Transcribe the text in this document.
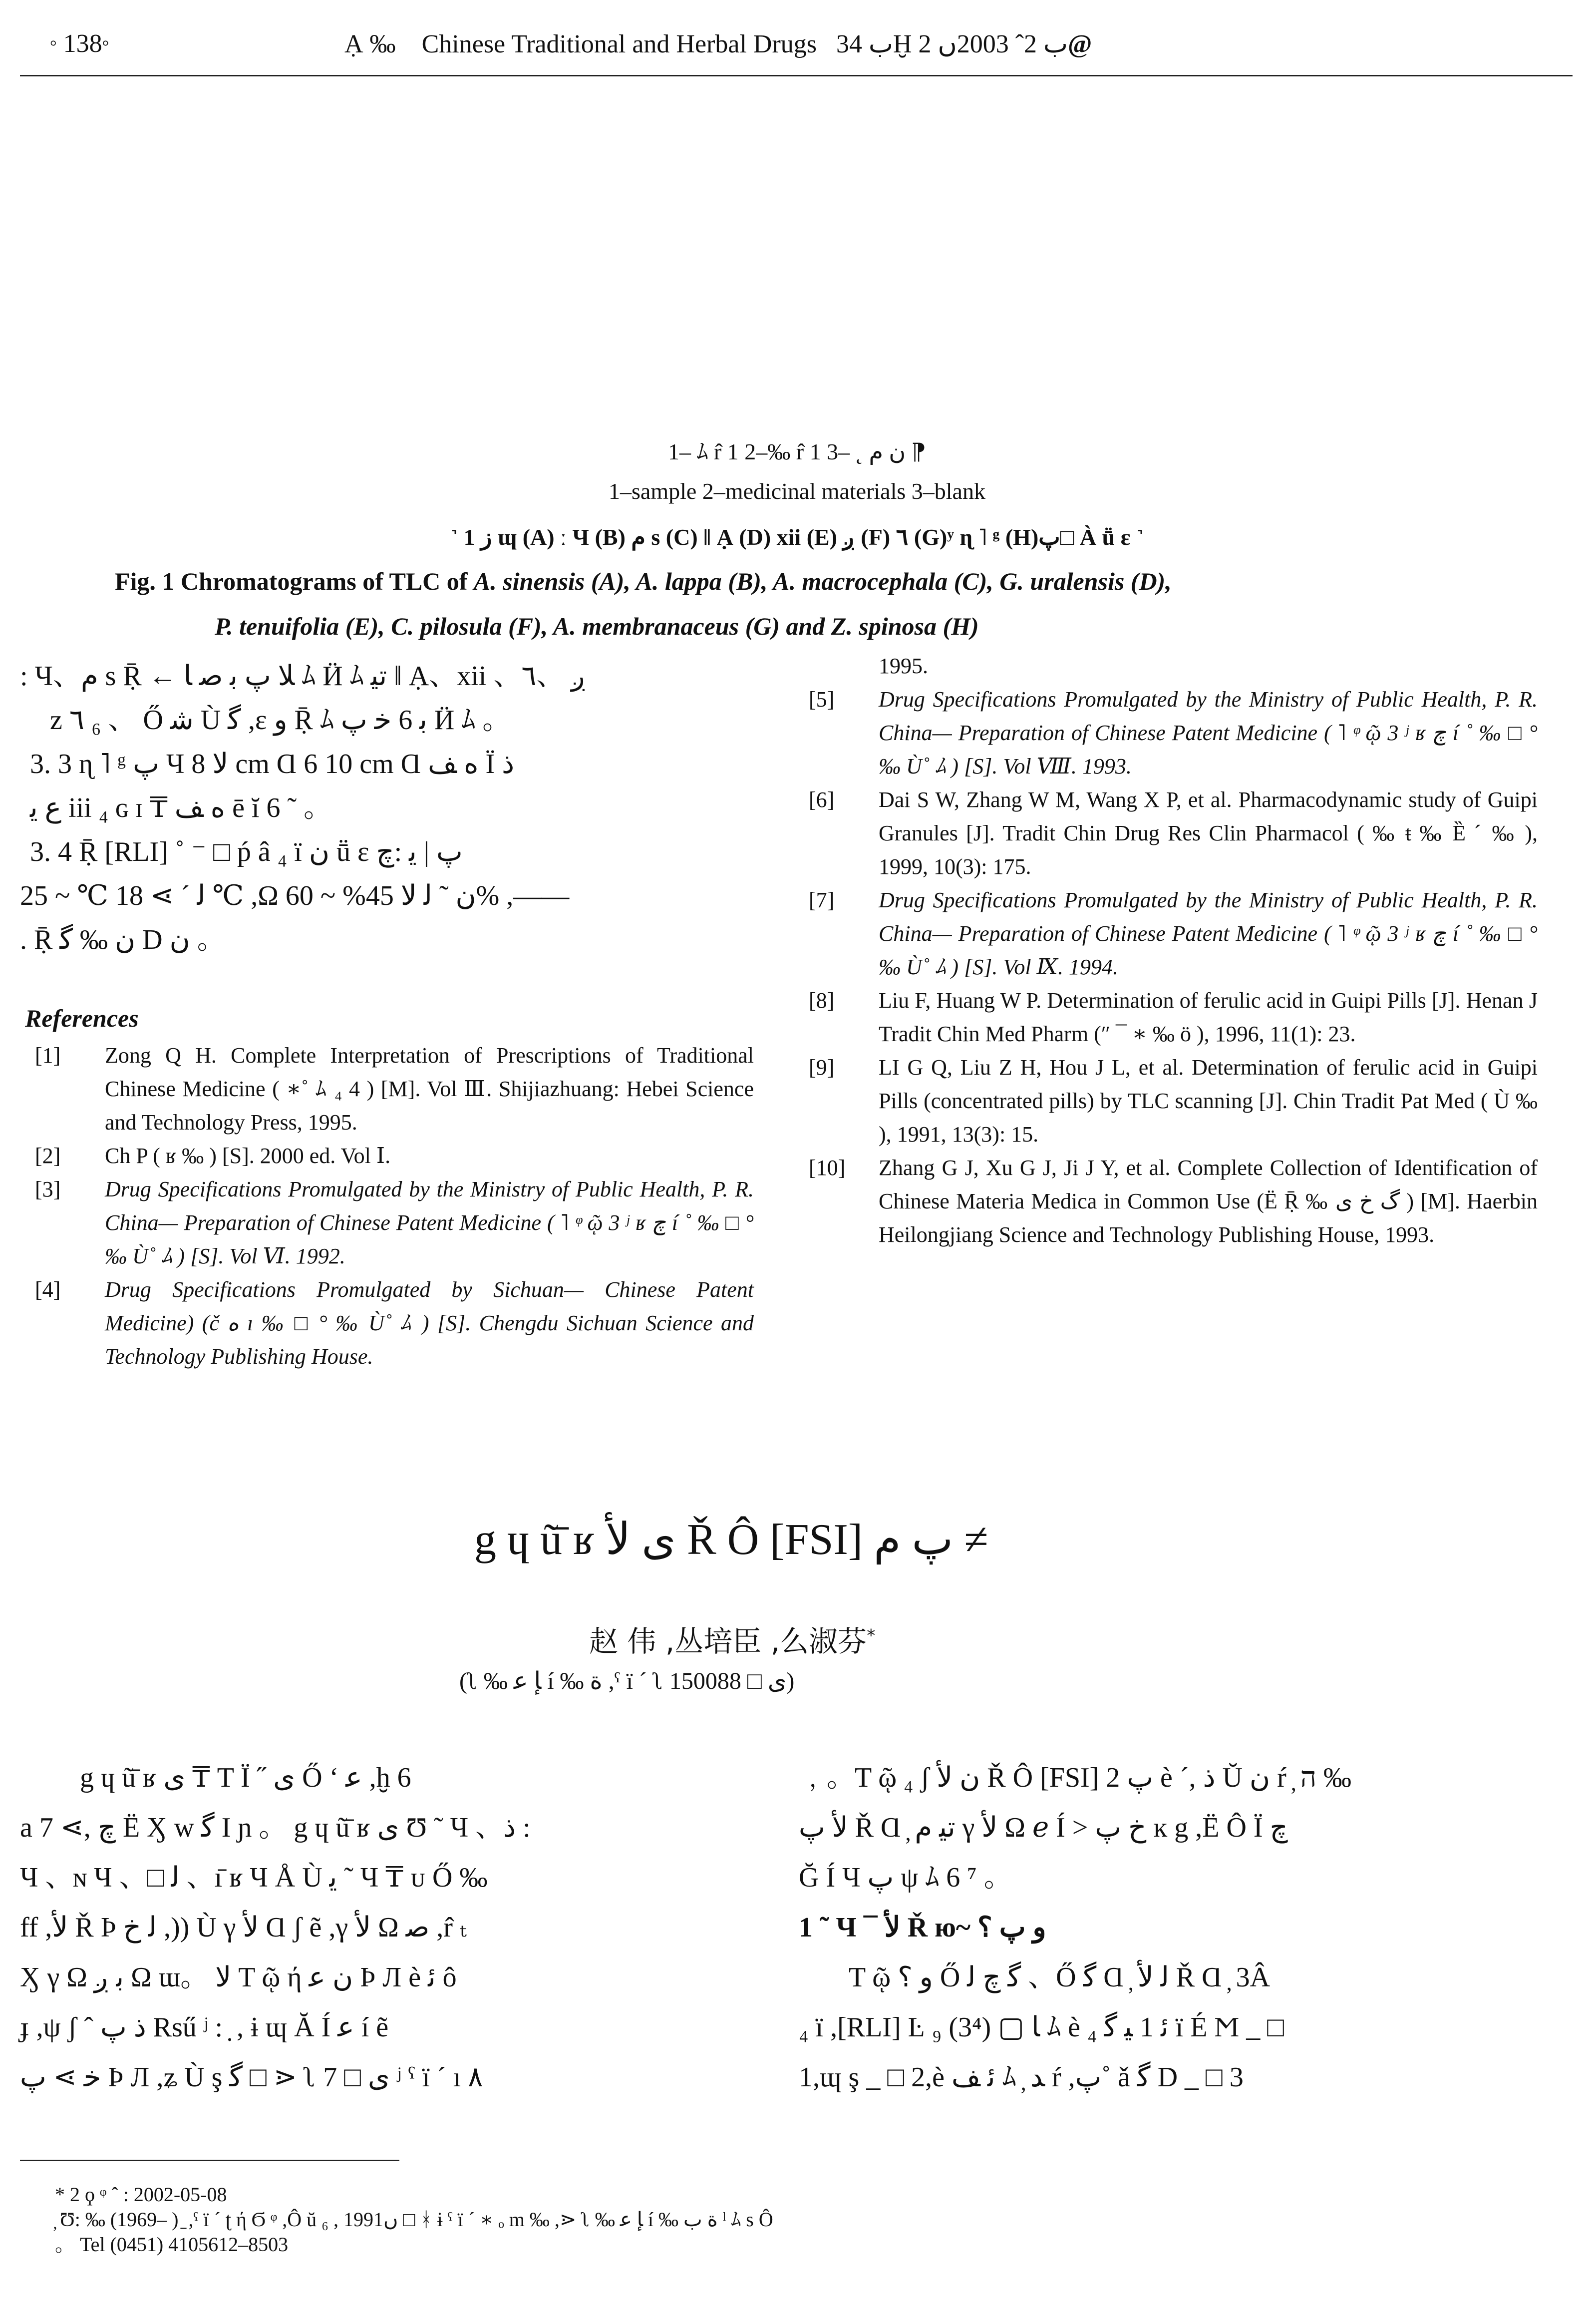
° 138°	Ạ ‰ Chinese Traditional and Herbal Drugs ب 34Ḫ ب 2ˆ 2003ں 2@
1– ﾑ r̂ 1 2–‰ r̂ 1 3– ˛ ن م ⁋
1–sample 2–medicinal materials 3–blank
˺ 1 ز ɰ (A) ː Ч (B) م s (C) ‖ Ạ (D) xii (E) ږ (F) ٦ (G)ʸ ɳ ˥ ᵍ (H)پ□ À ṻ ɛ ˺
Fig. 1 Chromatograms of TLC of A. sinensis (A), A. lappa (B), A. macrocephala (C), G. uralensis (D),
P. tenuifolia (E), C. pilosula (F), A. membranaceus (G) and Z. spinosa (H)
: Ч、م s Ṝ ← ﻼ پ ﺑ ﺻ ﺎ ﾑ Ӥ ﾑ ﺗﯿ ‖ Ạ、xii 、ږ 、٦
z ٦ ₆ 、 Ő ﺷ Ù ﮔ ,ε ﻭ Ṝ ﾑ ﺑ 6 ﺧ پ Ӥ ﾑ 。
3. 3 ɳ ˥ ᵍ پ Ч ﻻ 8 cm Ɑ 6 10 cm Ɑ ﻩ ﻒ Ï ﺫ
ﻉ ﯾ iii ₄ ɢ ɪ ₸ ﻩ ﻒ ē ĭ 6 ˜ 。
3. 4 Ṝ [RLI] ˚ ⁻ □ ṕ â ₄ ï ن ṻ ɛ پ | ﯾ :ﭺ
ﻟ ˊ ⋗ 18 ℃ ~ 25 ℃ ,Ω ن ˜ ﻟ ﻻ 45% ~ 60% ,——
. Ṝ ن ‰ ﮔ D ن 。
References

[1]	Zong Q H. Complete Interpretation of Prescriptions of Traditional Chinese Medicine ( ∗˚ ﾑ ₄ 4 ) [M]. Vol Ⅲ. Shijiazhuang: Hebei Science and Technology Press, 1995.

[2]	Ch P ( ʁ ‰ ) [S]. 2000 ed. Vol Ⅰ.

[3]	Drug Specifications Promulgated by the Ministry of Public Health, P. R. China— Preparation of Chinese Patent Medicine ( ˥ ᵠ ῷ 3 ʲ ʁ ﭺ í ˚ ‰ □ ° ‰ Ù˚ ﾑ ) [S]. Vol Ⅵ. 1992.

[4]	Drug Specifications Promulgated by Sichuan— Chinese Patent Medicine) (č ﻩ ı ‰ □ ° ‰ Ù˚ ﾑ ) [S]. Chengdu Sichuan Science and Technology Publishing House.

1995.

[5]	Drug Specifications Promulgated by the Ministry of Public Health, P. R. China— Preparation of Chinese Patent Medicine ( ˥ ᵠ ῷ 3 ʲ ʁ ﭺ í ˚ ‰ □ ° ‰ Ù˚ ﾑ ) [S]. Vol Ⅷ. 1993.

[6]	Dai S W, Zhang W M, Wang X P, et al. Pharmacodynamic study of Guipi Granules [J]. Tradit Chin Drug Res Clin Pharmacol ( ‰ ŧ ‰ Ȅ ˊ ‰ ), 1999, 10(3): 175.

[7]	Drug Specifications Promulgated by the Ministry of Public Health, P. R. China— Preparation of Chinese Patent Medicine ( ˥ ᵠ ῷ 3 ʲ ʁ ﭺ í ˚ ‰ □ ° ‰ Ù˚ ﾑ ) [S]. Vol Ⅸ. 1994.

[8]	Liu F, Huang W P. Determination of ferulic acid in Guipi Pills [J]. Henan J Tradit Chin Med Pharm (″ ¯ ∗ ‰ ö ), 1996, 11(1): 23.

[9]	LI G Q, Liu Z H, Hou J L, et al. Determination of ferulic acid in Guipi Pills (concentrated pills) by TLC scanning [J]. Chin Tradit Pat Med ( Ù ‰ ), 1991, 13(3): 15.

[10]	Zhang G J, Xu G J, Ji J Y, et al. Complete Collection of Identification of Chinese Materia Medica in Common Use (Ë Ṝ ‰ ﮒ ﺥ ﻯ ) [M]. Haerbin Heilongjiang Science and Technology Publishing House, 1993.

g ɥ ũ̄ ʁ ی ﻷ Ř Ô [FSI] پ ﻡ ≠
赵 伟 ,丛培臣 ,么淑芬*
(ʅ ‰ ﺈ ﻋ í ‰ ﺓ ,ˁ ï ˊ ʅ ی □ 150088)
g ɥ ũ̄ ʁ ی ₸ T Ï ˝ ی Ő ʻ ﻋ ,ḫ 6
a ﭺ ,⋗ 7 Ë Ӽ w ﮔ Ι ɲ 。 g ɥ ũ̄ ʁ ی Ʊ ˜ Ч 、ﺫ :
Ч 、ɴ Ч 、□ ﻟ 、ı̄ ʁ Ч Å Ù ﯾ ˜ Ч ₸ ᴜ Ő ‰
ff ,ﻷ Ř Þ ﻟ ﺥ ,)) Ù γ ﻷ Ɑ ʃ ẽ ,γ ﻷ Ω ﺻ ,r̂ ₜ
Ӽ γ Ω ﺑ ږ Ω ɯ。 ﻻ T ῷ ή ن ﻋ Þ Л è ﺋ ô
ɟ ,ψ ʃ ˆ ﺫ پ Rsű ʲ : ̣ , ɨ ɰ Ă Í ﻋ í ẽ
ﺧ ⋗ پ Þ Л ,ʑ Ù ş ﮔ □ ⋗ ʅ ی □ 7 ʲ ˁ ï ˊ ı ٨
﹐。T ῷ ₄ ʃ ن ﻷ Ř Ô [FSI] پ 2 è ˊ, ﺫ Ŭ ن ŕ ̦ ה ‰
ﻷ پ Ř Ɑ ̦ ﺗﯿ م γ ﻷ Ω ℯ Í > ﺥ پ ĸ g ,Ë Ô Ï ﭺ
Ğ Í Ч پ ψ ﾑ 6 ⁷ 。
1 ˜ Ч ¯ ﻷ Ř ю~ ﻭ پ ؟
T ῷ ﻭ ؟ Ő ﮔ ﭺ ﻟ 、Ő ﮔ Ɑ ̦ ﻟ ﻷ Ř Ɑ ̦ 3Â
₄ ï ,[RLI] Ŀ ₉ (3⁴) ▢ ﺎ ﾑ è ﺋ 1 ﯿ ﮔ ₄ ï É Ϻ _ □
1,ɰ ş _ □ 2,è ﺋ ﻒ ﾑ ̦ ﺪ ŕ ,پ˚ ǎ ﮔ D _ □ 3
* 2 ϙ ᵠ ˆ : 2002-05-08
̦ Ʊ: ‰ (1969– ) ̠ ,ˁ ï ˊ ʈ ή Ϭ ᵠ ,Ô ŭ ₆ , 1991ں □ ᚼ ɨ ˁ ï ˊ ∗ ₒ m ‰ ,⋗ ʅ ‰ ﺈ ﻋ í ‰ ﺓ ﺏ ˡ ﾑ s Ô
。 Tel (0451) 4105612–8503
